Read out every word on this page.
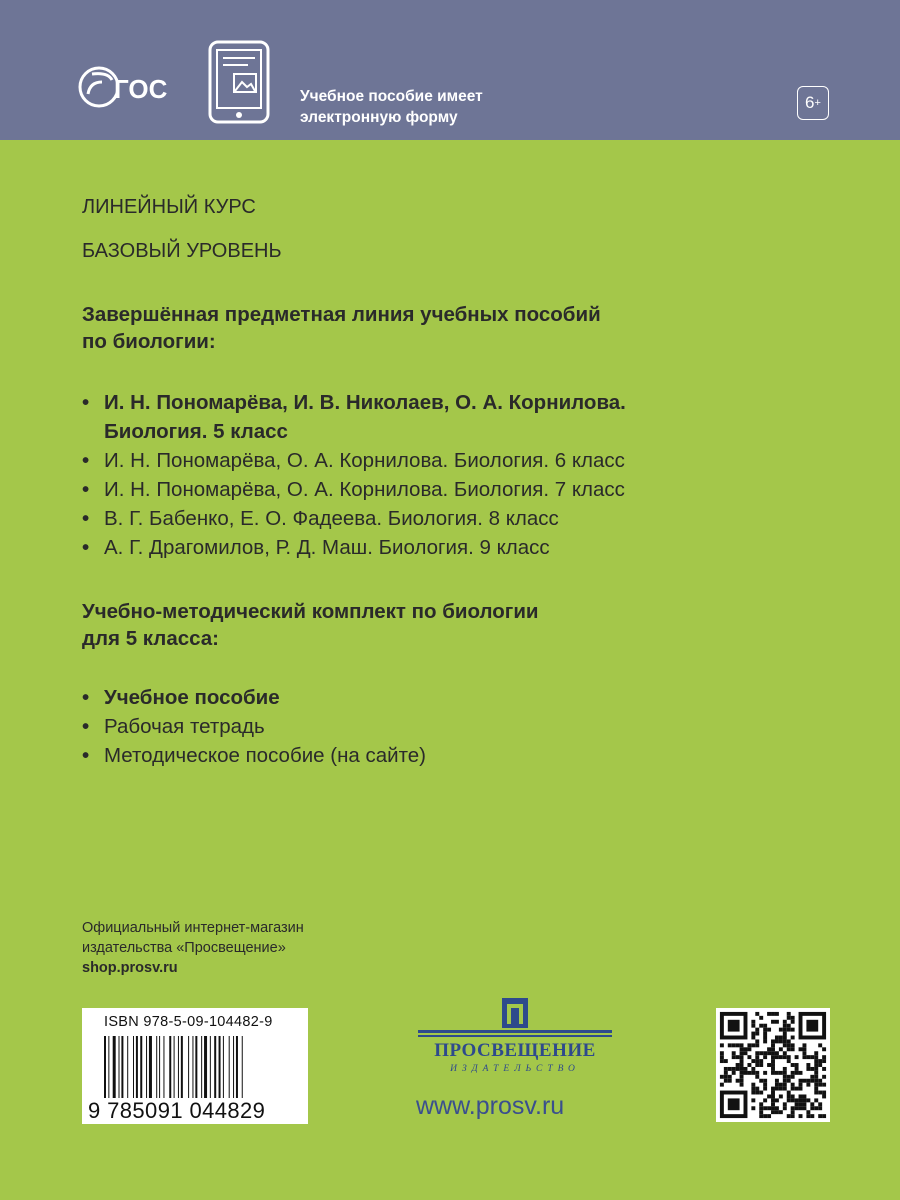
ГОС	Учебное пособие имеет
электронную форму
6+
ЛИНЕЙНЫЙ КУРС
БАЗОВЫЙ УРОВЕНЬ
Завершённая предметная линия учебных пособий
по биологии:
• И. Н. Пономарёва, И. В. Николаев, О. А. Корнилова.
Биология. 5 класс
• И. Н. Пономарёва, О. А. Корнилова. Биология. 6 класс
• И. Н. Пономарёва, О. А. Корнилова. Биология. 7 класс
• В. Г. Бабенко, Е. О. Фадеева. Биология. 8 класс
• А. Г. Драгомилов, Р. Д. Маш. Биология. 9 класс
Учебно-методический комплект по биологии
для 5 класса:
• Учебное пособие
• Рабочая тетрадь
• Методическое пособие (на сайте)
Официальный интернет-магазин
издательства «Просвещение»
shop.prosv.ru
ISBN 978-5-09-104482-9
9 785091 044829
ПРОСВЕЩЕНИЕ
ИЗДАТЕЛЬСТВО
www.prosv.ru
